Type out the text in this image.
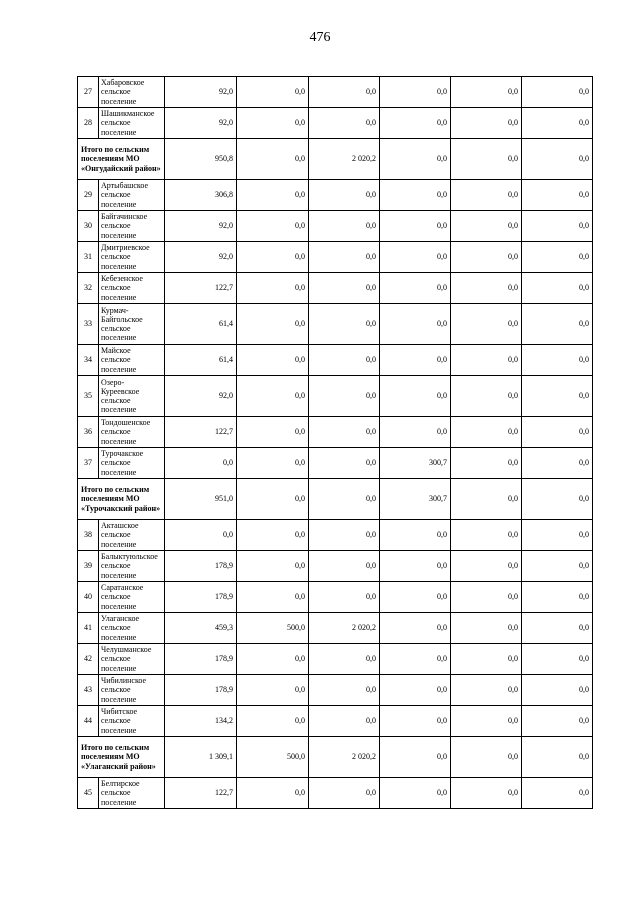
476
27	Хабаровское сельское поселение	92,0	0,0	0,0	0,0	0,0	0,0
28	Шашикманское сельское поселение	92,0	0,0	0,0	0,0	0,0	0,0
Итого по сельским поселениям МО «Онгудайский район»		950,8	0,0	2 020,2	0,0	0,0	0,0
29	Артыбашское сельское поселение	306,8	0,0	0,0	0,0	0,0	0,0
30	Байгачинское сельское поселение	92,0	0,0	0,0	0,0	0,0	0,0
31	Дмитриевское сельское поселение	92,0	0,0	0,0	0,0	0,0	0,0
32	Кебезенское сельское поселение	122,7	0,0	0,0	0,0	0,0	0,0
33	Курмач-Байгольское сельское поселение	61,4	0,0	0,0	0,0	0,0	0,0
34	Майское сельское поселение	61,4	0,0	0,0	0,0	0,0	0,0
35	Озеро-Куреевское сельское поселение	92,0	0,0	0,0	0,0	0,0	0,0
36	Тондошенское сельское поселение	122,7	0,0	0,0	0,0	0,0	0,0
37	Турочакское сельское поселение	0,0	0,0	0,0	300,7	0,0	0,0
Итого по сельским поселениям МО «Турочакский район»		951,0	0,0	0,0	300,7	0,0	0,0
38	Акташское сельское поселение	0,0	0,0	0,0	0,0	0,0	0,0
39	Балыктуюльское сельское поселение	178,9	0,0	0,0	0,0	0,0	0,0
40	Саратанское сельское поселение	178,9	0,0	0,0	0,0	0,0	0,0
41	Улаганское сельское поселение	459,3	500,0	2 020,2	0,0	0,0	0,0
42	Челушманское сельское поселение	178,9	0,0	0,0	0,0	0,0	0,0
43	Чибилинское сельское поселение	178,9	0,0	0,0	0,0	0,0	0,0
44	Чибитское сельское поселение	134,2	0,0	0,0	0,0	0,0	0,0
Итого по сельским поселениям МО «Улаганский район»		1 309,1	500,0	2 020,2	0,0	0,0	0,0
45	Белтирское сельское поселение	122,7	0,0	0,0	0,0	0,0	0,0
